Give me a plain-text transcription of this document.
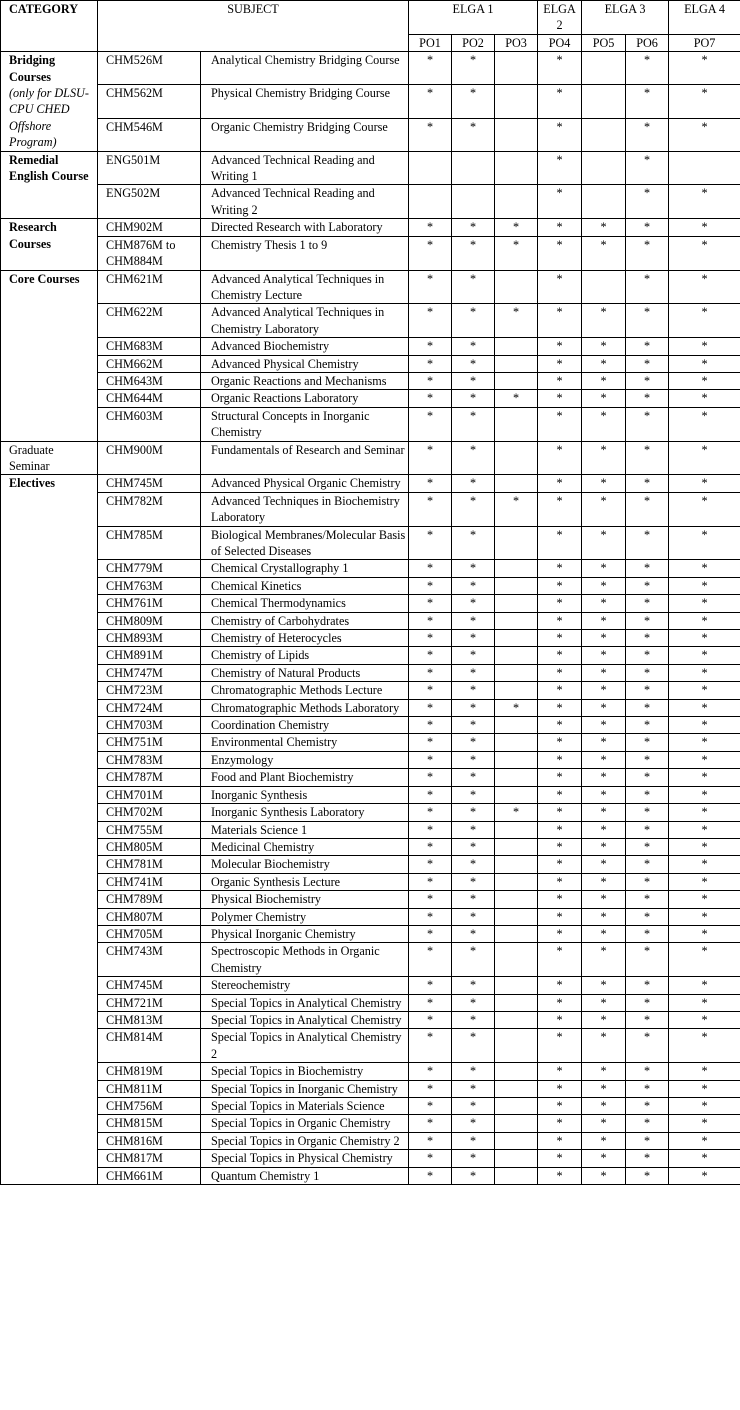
CATEGORY	SUBJECT		ELGA 1			ELGA 2	ELGA 3		ELGA 4
			PO1	PO2	PO3	PO4	PO5	PO6	PO7
Bridging Courses
(only for DLSU-CPU CHED Offshore Program)	CHM526M	Analytical Chemistry Bridging Course	*	*		*		*	*
	CHM562M	Physical Chemistry Bridging Course	*	*		*		*	*
	CHM546M	Organic Chemistry Bridging Course	*	*		*		*	*
Remedial English Course	ENG501M	Advanced Technical Reading and Writing 1				*		*	
	ENG502M	Advanced Technical Reading and Writing 2				*		*	*
Research Courses	CHM902M	Directed Research with Laboratory	*	*	*	*	*	*	*
	CHM876M to CHM884M	Chemistry Thesis 1 to 9	*	*	*	*	*	*	*
Core Courses	CHM621M	Advanced Analytical Techniques in Chemistry Lecture	*	*		*		*	*
	CHM622M	Advanced Analytical Techniques in Chemistry Laboratory	*	*	*	*	*	*	*
	CHM683M	Advanced Biochemistry	*	*		*	*	*	*
	CHM662M	Advanced Physical Chemistry	*	*		*	*	*	*
	CHM643M	Organic Reactions and Mechanisms	*	*		*	*	*	*
	CHM644M	Organic Reactions Laboratory	*	*	*	*	*	*	*
	CHM603M	Structural Concepts in Inorganic Chemistry	*	*		*	*	*	*
Graduate Seminar	CHM900M	Fundamentals of Research and Seminar	*	*		*	*	*	*
Electives	CHM745M	Advanced Physical Organic Chemistry	*	*		*	*	*	*
	CHM782M	Advanced Techniques in Biochemistry Laboratory	*	*	*	*	*	*	*
	CHM785M	Biological Membranes/Molecular Basis of Selected Diseases	*	*		*	*	*	*
	CHM779M	Chemical Crystallography 1	*	*		*	*	*	*
	CHM763M	Chemical Kinetics	*	*		*	*	*	*
	CHM761M	Chemical Thermodynamics	*	*		*	*	*	*
	CHM809M	Chemistry of Carbohydrates	*	*		*	*	*	*
	CHM893M	Chemistry of Heterocycles	*	*		*	*	*	*
	CHM891M	Chemistry of Lipids	*	*		*	*	*	*
	CHM747M	Chemistry of Natural Products	*	*		*	*	*	*
	CHM723M	Chromatographic Methods Lecture	*	*		*	*	*	*
	CHM724M	Chromatographic Methods Laboratory	*	*	*	*	*	*	*
	CHM703M	Coordination Chemistry	*	*		*	*	*	*
	CHM751M	Environmental Chemistry	*	*		*	*	*	*
	CHM783M	Enzymology	*	*		*	*	*	*
	CHM787M	Food and Plant Biochemistry	*	*		*	*	*	*
	CHM701M	Inorganic Synthesis	*	*		*	*	*	*
	CHM702M	Inorganic Synthesis Laboratory	*	*	*	*	*	*	*
	CHM755M	Materials Science 1	*	*		*	*	*	*
	CHM805M	Medicinal Chemistry	*	*		*	*	*	*
	CHM781M	Molecular Biochemistry	*	*		*	*	*	*
	CHM741M	Organic Synthesis Lecture	*	*		*	*	*	*
	CHM789M	Physical Biochemistry	*	*		*	*	*	*
	CHM807M	Polymer Chemistry	*	*		*	*	*	*
	CHM705M	Physical Inorganic Chemistry	*	*		*	*	*	*
	CHM743M	Spectroscopic Methods in Organic Chemistry	*	*		*	*	*	*
	CHM745M	Stereochemistry	*	*		*	*	*	*
	CHM721M	Special Topics in Analytical Chemistry	*	*		*	*	*	*
	CHM813M	Special Topics in Analytical Chemistry	*	*		*	*	*	*
	CHM814M	Special Topics in Analytical Chemistry 2	*	*		*	*	*	*
	CHM819M	Special Topics in Biochemistry	*	*		*	*	*	*
	CHM811M	Special Topics in Inorganic Chemistry	*	*		*	*	*	*
	CHM756M	Special Topics in Materials Science	*	*		*	*	*	*
	CHM815M	Special Topics in Organic Chemistry	*	*		*	*	*	*
	CHM816M	Special Topics in Organic Chemistry 2	*	*		*	*	*	*
	CHM817M	Special Topics in Physical Chemistry	*	*		*	*	*	*
	CHM661M	Quantum Chemistry 1	*	*		*	*	*	*
